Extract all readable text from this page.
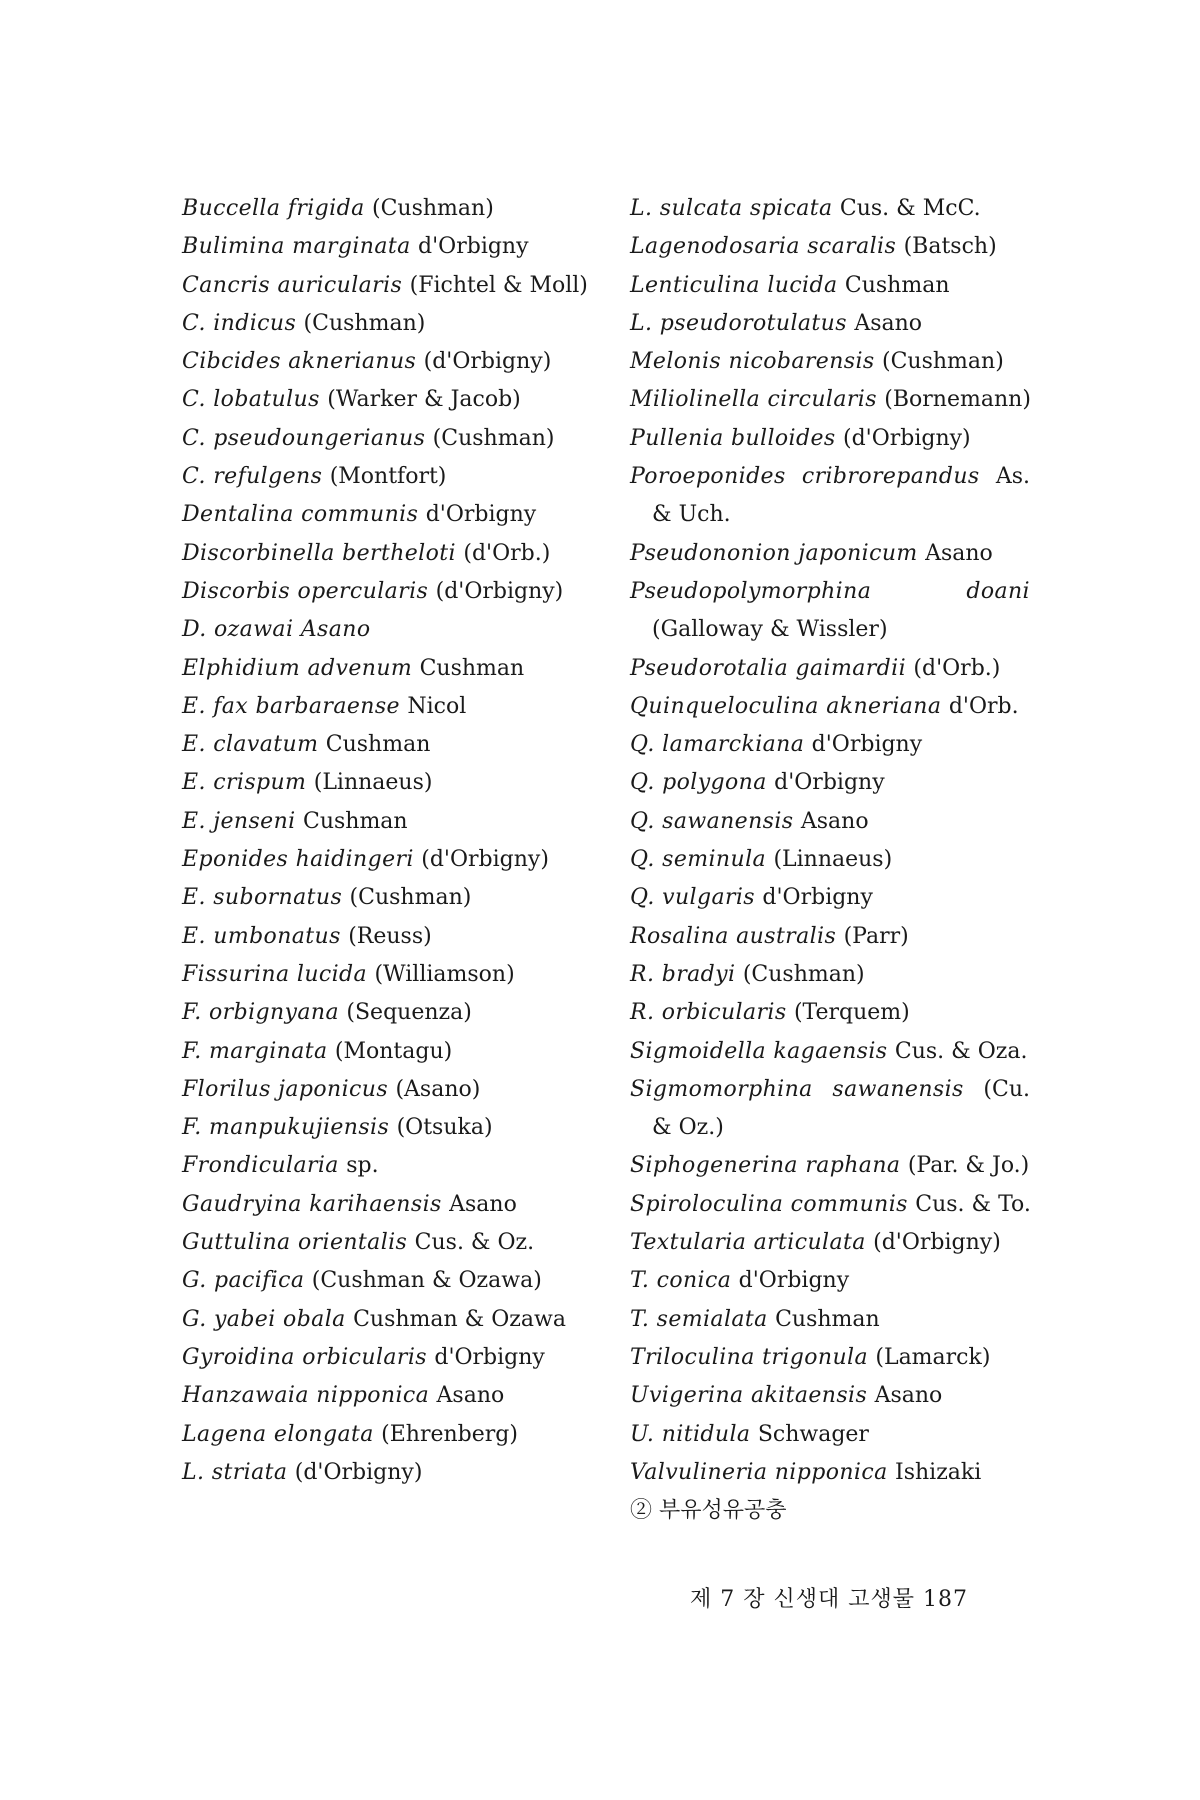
Buccella frigida (Cushman)
Bulimina marginata d'Orbigny
Cancris auricularis (Fichtel & Moll)
C. indicus (Cushman)
Cibcides aknerianus (d'Orbigny)
C. lobatulus (Warker & Jacob)
C. pseudoungerianus (Cushman)
C. refulgens (Montfort)
Dentalina communis d'Orbigny
Discorbinella bertheloti (d'Orb.)
Discorbis opercularis (d'Orbigny)
D. ozawai Asano
Elphidium advenum Cushman
E. fax barbaraense Nicol
E. clavatum Cushman
E. crispum (Linnaeus)
E. jenseni Cushman
Eponides haidingeri (d'Orbigny)
E. subornatus (Cushman)
E. umbonatus (Reuss)
Fissurina lucida (Williamson)
F. orbignyana (Sequenza)
F. marginata (Montagu)
Florilus japonicus (Asano)
F. manpukujiensis (Otsuka)
Frondicularia sp.
Gaudryina karihaensis Asano
Guttulina orientalis Cus. & Oz.
G. pacifica (Cushman & Ozawa)
G. yabei obala Cushman & Ozawa
Gyroidina orbicularis d'Orbigny
Hanzawaia nipponica Asano
Lagena elongata (Ehrenberg)
L. striata (d'Orbigny)
L. sulcata spicata Cus. & McC.
Lagenodosaria scaralis (Batsch)
Lenticulina lucida Cushman
L. pseudorotulatus Asano
Melonis nicobarensis (Cushman)
Miliolinella circularis (Bornemann)
Pullenia bulloides (d'Orbigny)
Poroeponides cribrorepandus As. & Uch.
Pseudononion japonicum Asano
Pseudopolymorphina doani(Galloway & Wissler)
Pseudorotalia gaimardii (d'Orb.)
Quinqueloculina akneriana d'Orb.
Q. lamarckiana d'Orbigny
Q. polygona d'Orbigny
Q. sawanensis Asano
Q. seminula (Linnaeus)
Q. vulgaris d'Orbigny
Rosalina australis (Parr)
R. bradyi (Cushman)
R. orbicularis (Terquem)
Sigmoidella kagaensis Cus. & Oza.
Sigmomorphina sawanensis (Cu. & Oz.)
Siphogenerina raphana (Par. & Jo.)
Spiroloculina communis Cus. & To.
Textularia articulata (d'Orbigny)
T. conica d'Orbigny
T. semialata Cushman
Triloculina trigonula (Lamarck)
Uvigerina akitaensis Asano
U. nitidula Schwager
Valvulineria nipponica Ishizaki
② 부유성유공충
제 7 장 신생대 고생물 187
